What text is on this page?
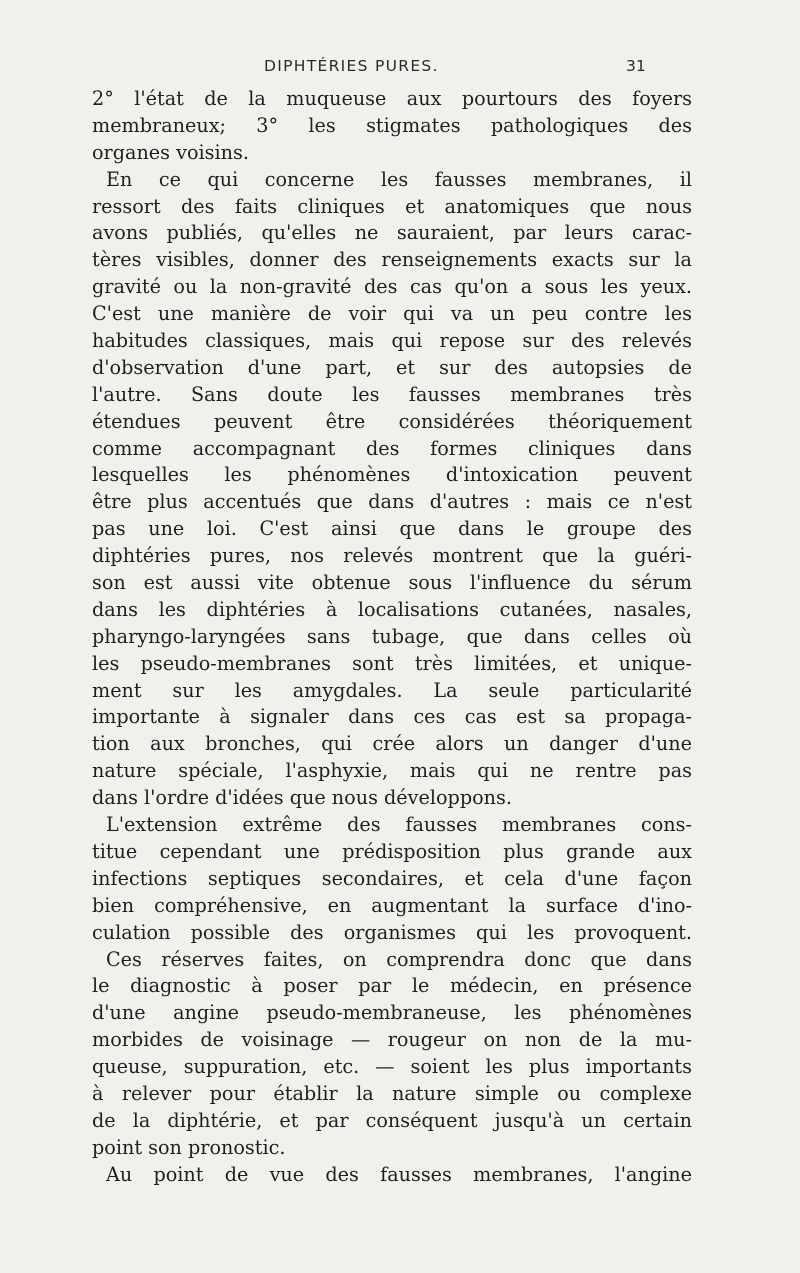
DIPHTÉRIES PURES.	31
2° l'état de la muqueuse aux pourtours des foyers
membraneux; 3° les stigmates pathologiques des
organes voisins.
En ce qui concerne les fausses membranes, il
ressort des faits cliniques et anatomiques que nous
avons publiés, qu'elles ne sauraient, par leurs carac-
tères visibles, donner des renseignements exacts sur la
gravité ou la non-gravité des cas qu'on a sous les yeux.
C'est une manière de voir qui va un peu contre les
habitudes classiques, mais qui repose sur des relevés
d'observation d'une part, et sur des autopsies de
l'autre. Sans doute les fausses membranes très
étendues peuvent être considérées théoriquement
comme accompagnant des formes cliniques dans
lesquelles les phénomènes d'intoxication peuvent
être plus accentués que dans d'autres : mais ce n'est
pas une loi. C'est ainsi que dans le groupe des
diphtéries pures, nos relevés montrent que la guéri-
son est aussi vite obtenue sous l'influence du sérum
dans les diphtéries à localisations cutanées, nasales,
pharyngo-laryngées sans tubage, que dans celles où
les pseudo-membranes sont très limitées, et unique-
ment sur les amygdales. La seule particularité
importante à signaler dans ces cas est sa propaga-
tion aux bronches, qui crée alors un danger d'une
nature spéciale, l'asphyxie, mais qui ne rentre pas
dans l'ordre d'idées que nous développons.
L'extension extrême des fausses membranes cons-
titue cependant une prédisposition plus grande aux
infections septiques secondaires, et cela d'une façon
bien compréhensive, en augmentant la surface d'ino-
culation possible des organismes qui les provoquent.
Ces réserves faites, on comprendra donc que dans
le diagnostic à poser par le médecin, en présence
d'une angine pseudo-membraneuse, les phénomènes
morbides de voisinage — rougeur on non de la mu-
queuse, suppuration, etc. — soient les plus importants
à relever pour établir la nature simple ou complexe
de la diphtérie, et par conséquent jusqu'à un certain
point son pronostic.
Au point de vue des fausses membranes, l'angine
